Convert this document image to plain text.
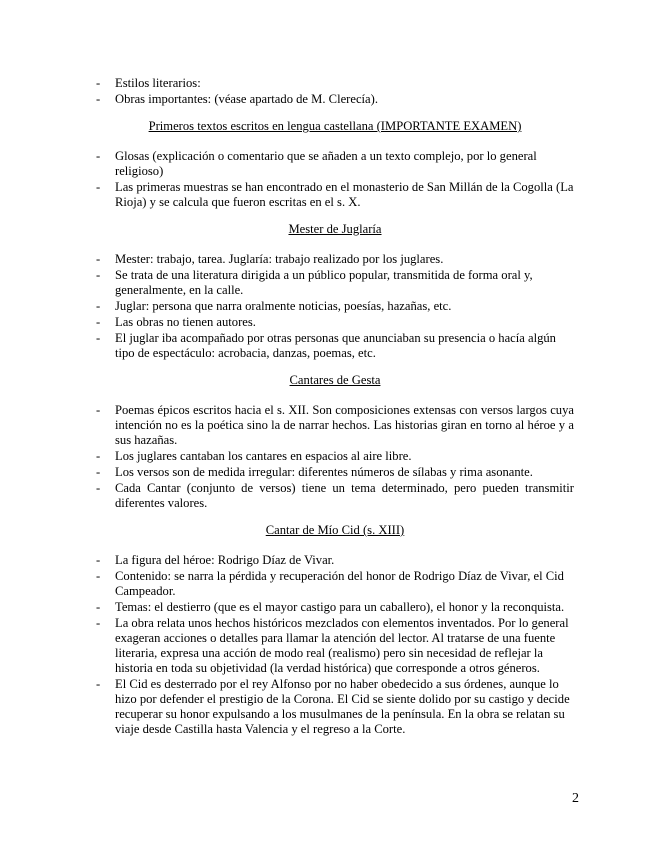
- Estilos literarios:
- Obras importantes: (véase apartado de M. Clerecía).
Primeros textos escritos en lengua castellana (IMPORTANTE EXAMEN)
- Glosas (explicación o comentario que se añaden a un texto complejo, por lo general religioso)
- Las primeras muestras se han encontrado en el monasterio de San Millán de la Cogolla (La Rioja) y se calcula que fueron escritas en el s. X.
Mester de Juglaría
- Mester: trabajo, tarea. Juglaría: trabajo realizado por los juglares.
- Se trata de una literatura dirigida a un público popular, transmitida de forma oral y, generalmente, en la calle.
- Juglar: persona que narra oralmente noticias, poesías, hazañas, etc.
- Las obras no tienen autores.
- El juglar iba acompañado por otras personas que anunciaban su presencia o hacía algún tipo de espectáculo: acrobacia, danzas, poemas, etc.
Cantares de Gesta
- Poemas épicos escritos hacia el s. XII. Son composiciones extensas con versos largos cuya intención no es la poética sino la de narrar hechos. Las historias giran en torno al héroe y a sus hazañas.
- Los juglares cantaban los cantares en espacios al aire libre.
- Los versos son de medida irregular: diferentes números de sílabas y rima asonante.
- Cada Cantar (conjunto de versos) tiene un tema determinado, pero pueden transmitir diferentes valores.
Cantar de Mío Cid (s. XIII)
- La figura del héroe: Rodrigo Díaz de Vivar.
- Contenido: se narra la pérdida y recuperación del honor de Rodrigo Díaz de Vivar, el Cid Campeador.
- Temas: el destierro (que es el mayor castigo para un caballero), el honor y la reconquista.
- La obra relata unos hechos históricos mezclados con elementos inventados. Por lo general exageran acciones o detalles para llamar la atención del lector. Al tratarse de una fuente literaria, expresa una acción de modo real (realismo) pero sin necesidad de reflejar la historia en toda su objetividad (la verdad histórica) que corresponde a otros géneros.
- El Cid es desterrado por el rey Alfonso por no haber obedecido a sus órdenes, aunque lo hizo por defender el prestigio de la Corona. El Cid se siente dolido por su castigo y decide recuperar su honor expulsando a los musulmanes de la península. En la obra se relatan su viaje desde Castilla hasta Valencia y el regreso a la Corte.
2
